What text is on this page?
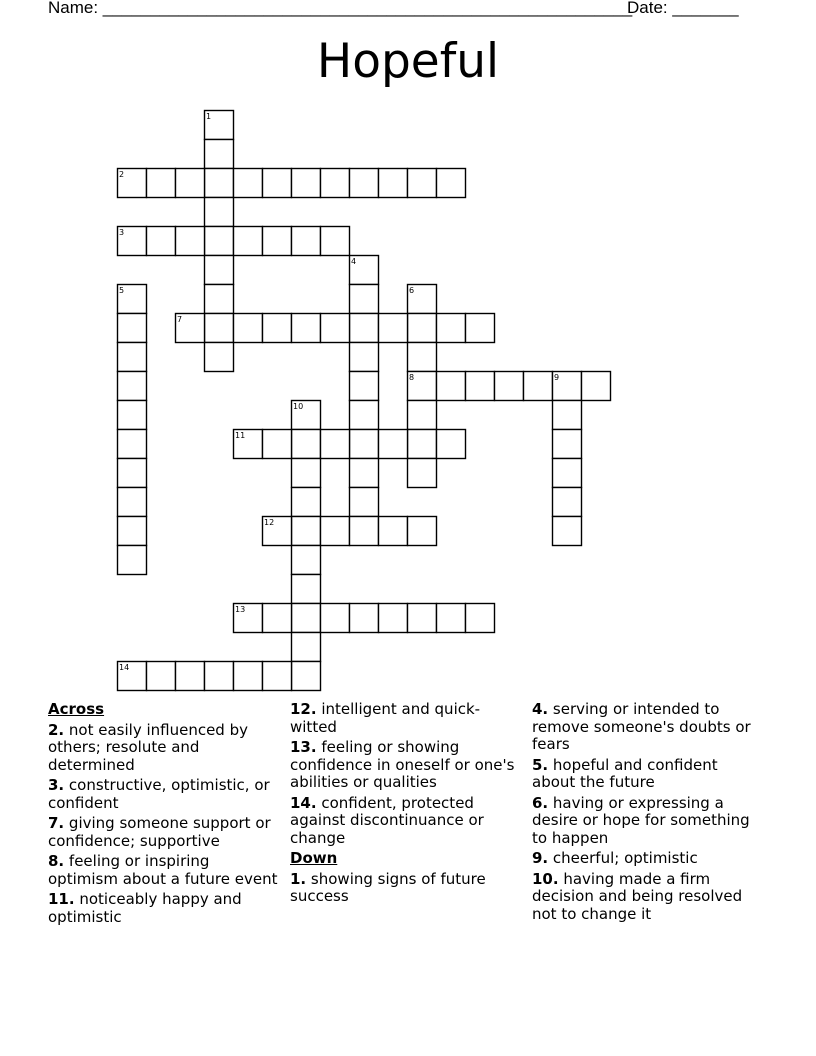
Name: ________________________________________________________
Date: _______
Hopeful
1
2
3
4
5	6
7
8	9
10
11
12
13
14
Across
2. not easily influenced by others; resolute and determined
3. constructive, optimistic, or confident
7. giving someone support or confidence; supportive
8. feeling or inspiring optimism about a future event
11. noticeably happy and optimistic
12. intelligent and quick-witted
13. feeling or showing confidence in oneself or one's abilities or qualities
14. confident, protected against discontinuance or change
Down
1. showing signs of future success
4. serving or intended to remove someone's doubts or fears
5. hopeful and confident about the future
6. having or expressing a desire or hope for something to happen
9. cheerful; optimistic
10. having made a firm decision and being resolved not to change it
